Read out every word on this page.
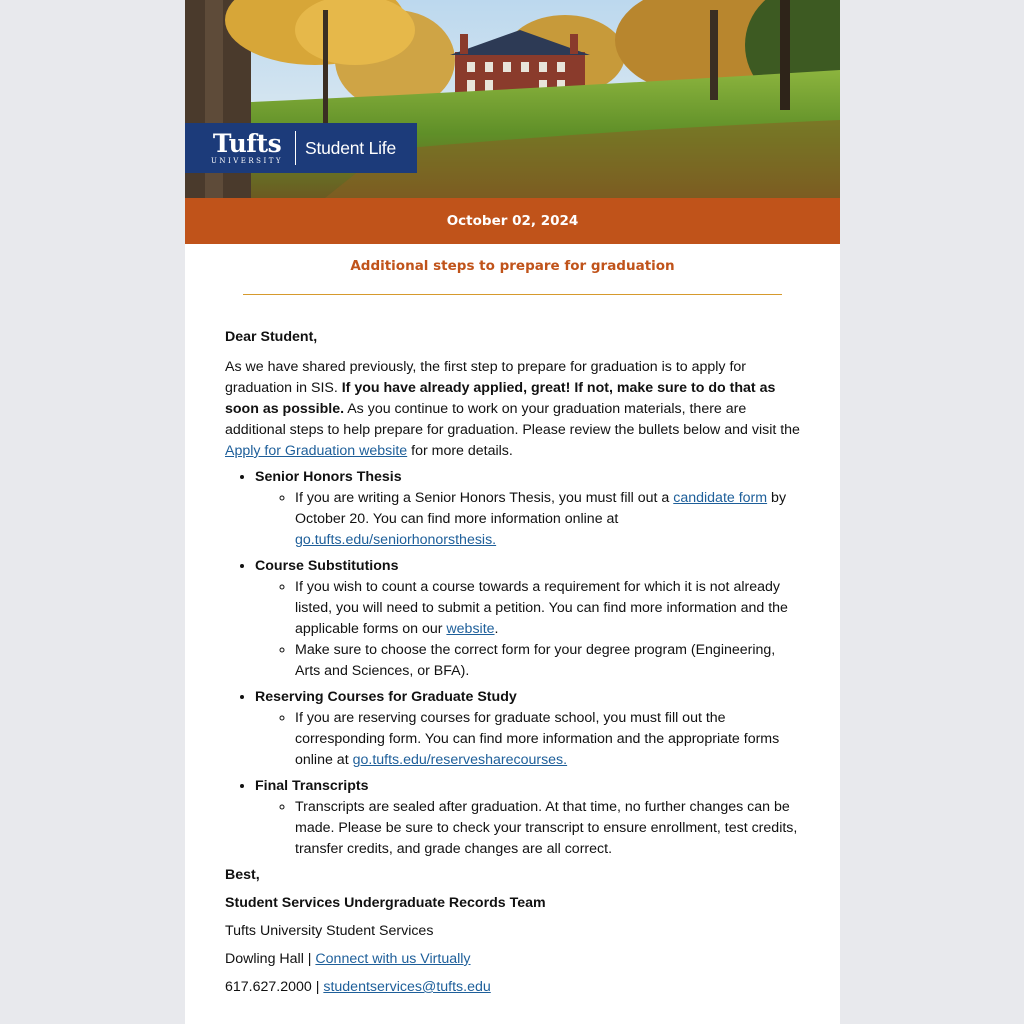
Tufts
UNIVERSITY
Student Life
October 02, 2024
Additional steps to prepare for graduation

Dear Student,

As we have shared previously, the first step to prepare for graduation is to apply for graduation in SIS. If you have already applied, great! If not, make sure to do that as soon as possible. As you continue to work on your graduation materials, there are additional steps to help prepare for graduation. Please review the bullets below and visit the Apply for Graduation website for more details.

• Senior Honors Thesis
◦ If you are writing a Senior Honors Thesis, you must fill out a candidate form by October 20. You can find more information online at go.tufts.edu/seniorhonorsthesis.
• Course Substitutions
◦ If you wish to count a course towards a requirement for which it is not already listed, you will need to submit a petition. You can find more information and the applicable forms on our website.
◦ Make sure to choose the correct form for your degree program (Engineering, Arts and Sciences, or BFA).
• Reserving Courses for Graduate Study
◦ If you are reserving courses for graduate school, you must fill out the corresponding form. You can find more information and the appropriate forms online at go.tufts.edu/reservesharecourses.
• Final Transcripts
◦ Transcripts are sealed after graduation. At that time, no further changes can be made. Please be sure to check your transcript to ensure enrollment, test credits, transfer credits, and grade changes are all correct.

Best,

Student Services Undergraduate Records Team

Tufts University Student Services

Dowling Hall | Connect with us Virtually

617.627.2000 | studentservices@tufts.edu
